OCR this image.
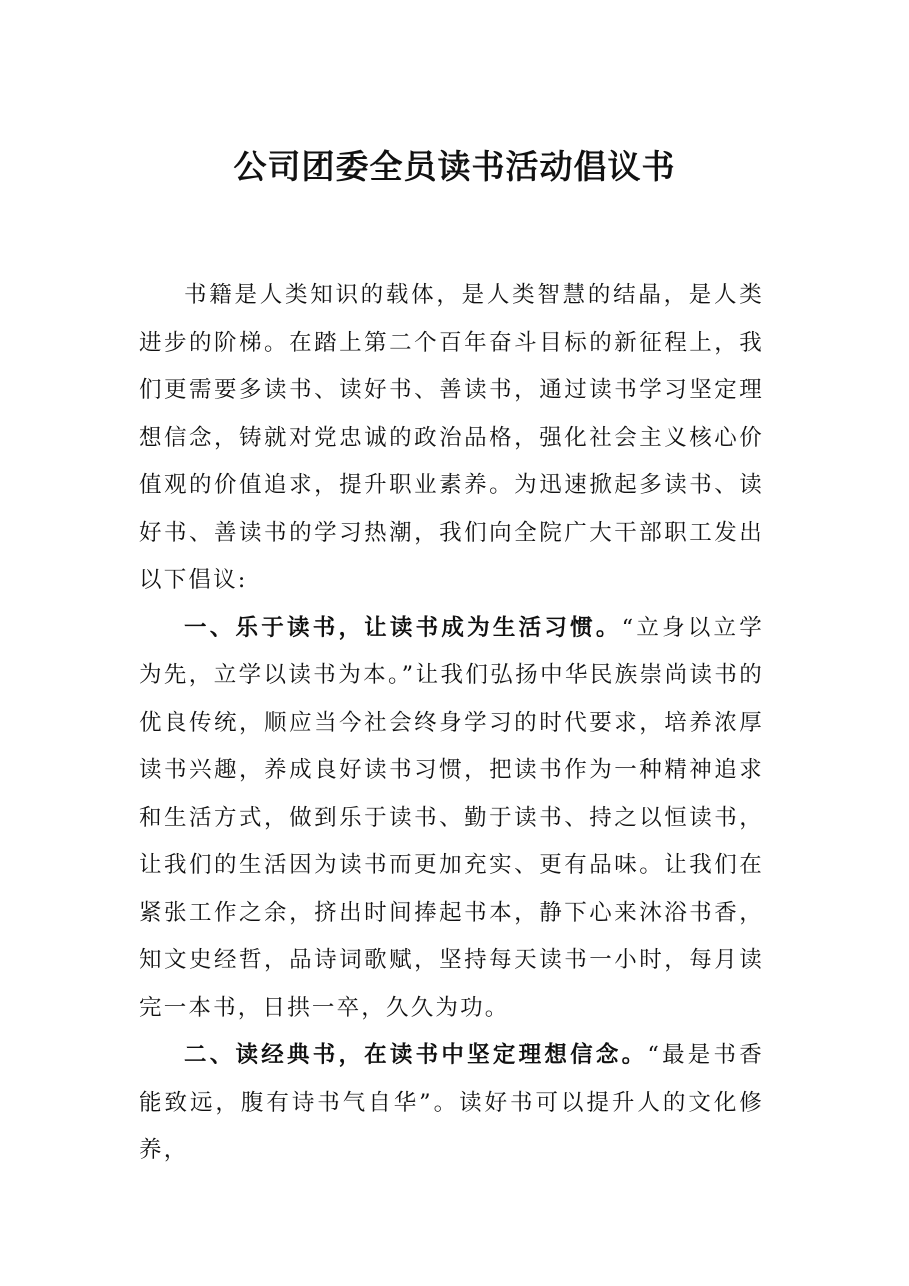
公司团委全员读书活动倡议书

书籍是人类知识的载体，是人类智慧的结晶，是人类进步的阶梯。在踏上第二个百年奋斗目标的新征程上，我们更需要多读书、读好书、善读书，通过读书学习坚定理想信念，铸就对党忠诚的政治品格，强化社会主义核心价值观的价值追求，提升职业素养。为迅速掀起多读书、读好书、善读书的学习热潮，我们向全院广大干部职工发出以下倡议:

一、乐于读书，让读书成为生活习惯。“立身以立学为先，立学以读书为本。”让我们弘扬中华民族崇尚读书的优良传统，顺应当今社会终身学习的时代要求，培养浓厚读书兴趣，养成良好读书习惯，把读书作为一种精神追求和生活方式，做到乐于读书、勤于读书、持之以恒读书，让我们的生活因为读书而更加充实、更有品味。让我们在紧张工作之余，挤出时间捧起书本，静下心来沐浴书香，知文史经哲，品诗词歌赋，坚持每天读书一小时，每月读完一本书，日拱一卒，久久为功。

二、读经典书，在读书中坚定理想信念。“最是书香能致远，腹有诗书气自华”。读好书可以提升人的文化修养，
